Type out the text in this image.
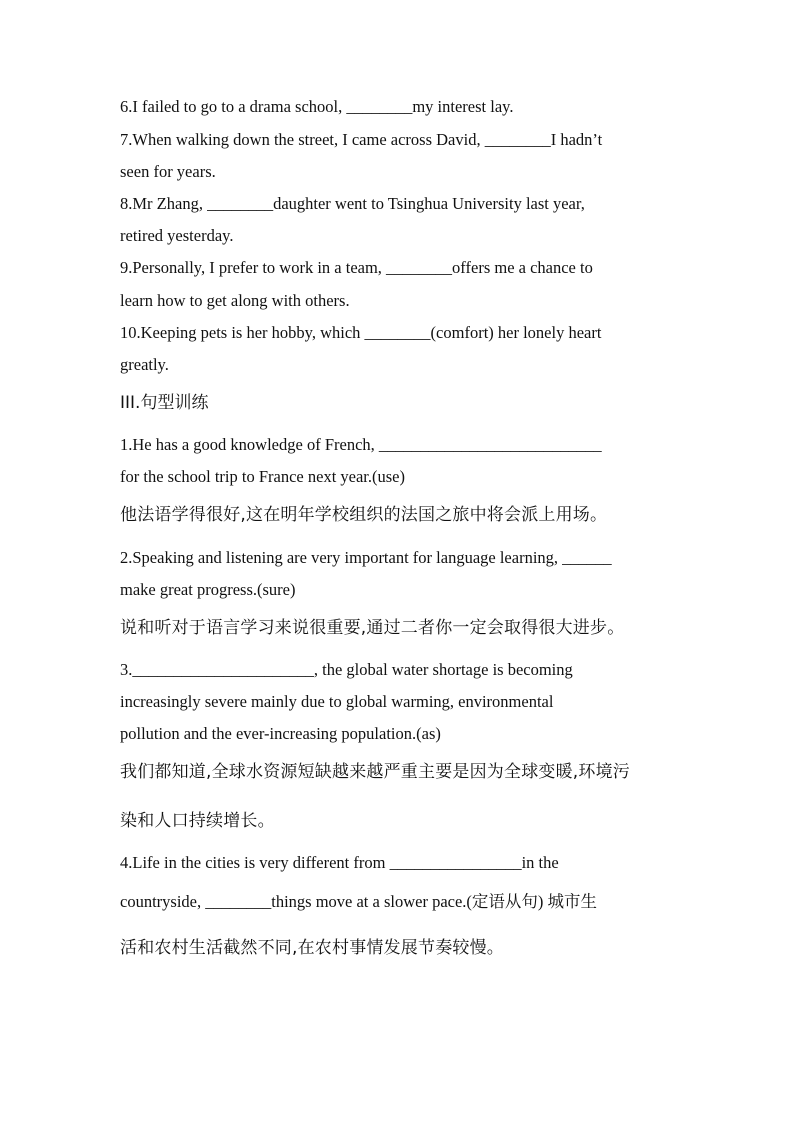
6.I failed to go to a drama school, ________my interest lay.
7.When walking down the street, I came across David, ________I hadn’t
seen for years.
8.Mr Zhang, ________daughter went to Tsinghua University last year,
retired yesterday.
9.Personally, I prefer to work in a team, ________offers me a chance to
learn how to get along with others.
10.Keeping pets is her hobby, which ________(comfort) her lonely heart
greatly.
III.句型训练
1.He has a good knowledge of French, ___________________________
for the school trip to France next year.(use)
他法语学得很好,这在明年学校组织的法国之旅中将会派上用场。
2.Speaking and listening are very important for language learning, ______
make great progress.(sure)
说和听对于语言学习来说很重要,通过二者你一定会取得很大进步。
3.______________________, the global water shortage is becoming
increasingly severe mainly due to global warming, environmental
pollution and the ever-increasing population.(as)
我们都知道,全球水资源短缺越来越严重主要是因为全球变暖,环境污
染和人口持续增长。
4.Life in the cities is very different from ________________in the
countryside, ________things move at a slower pace.(定语从句) 城市生
活和农村生活截然不同,在农村事情发展节奏较慢。
